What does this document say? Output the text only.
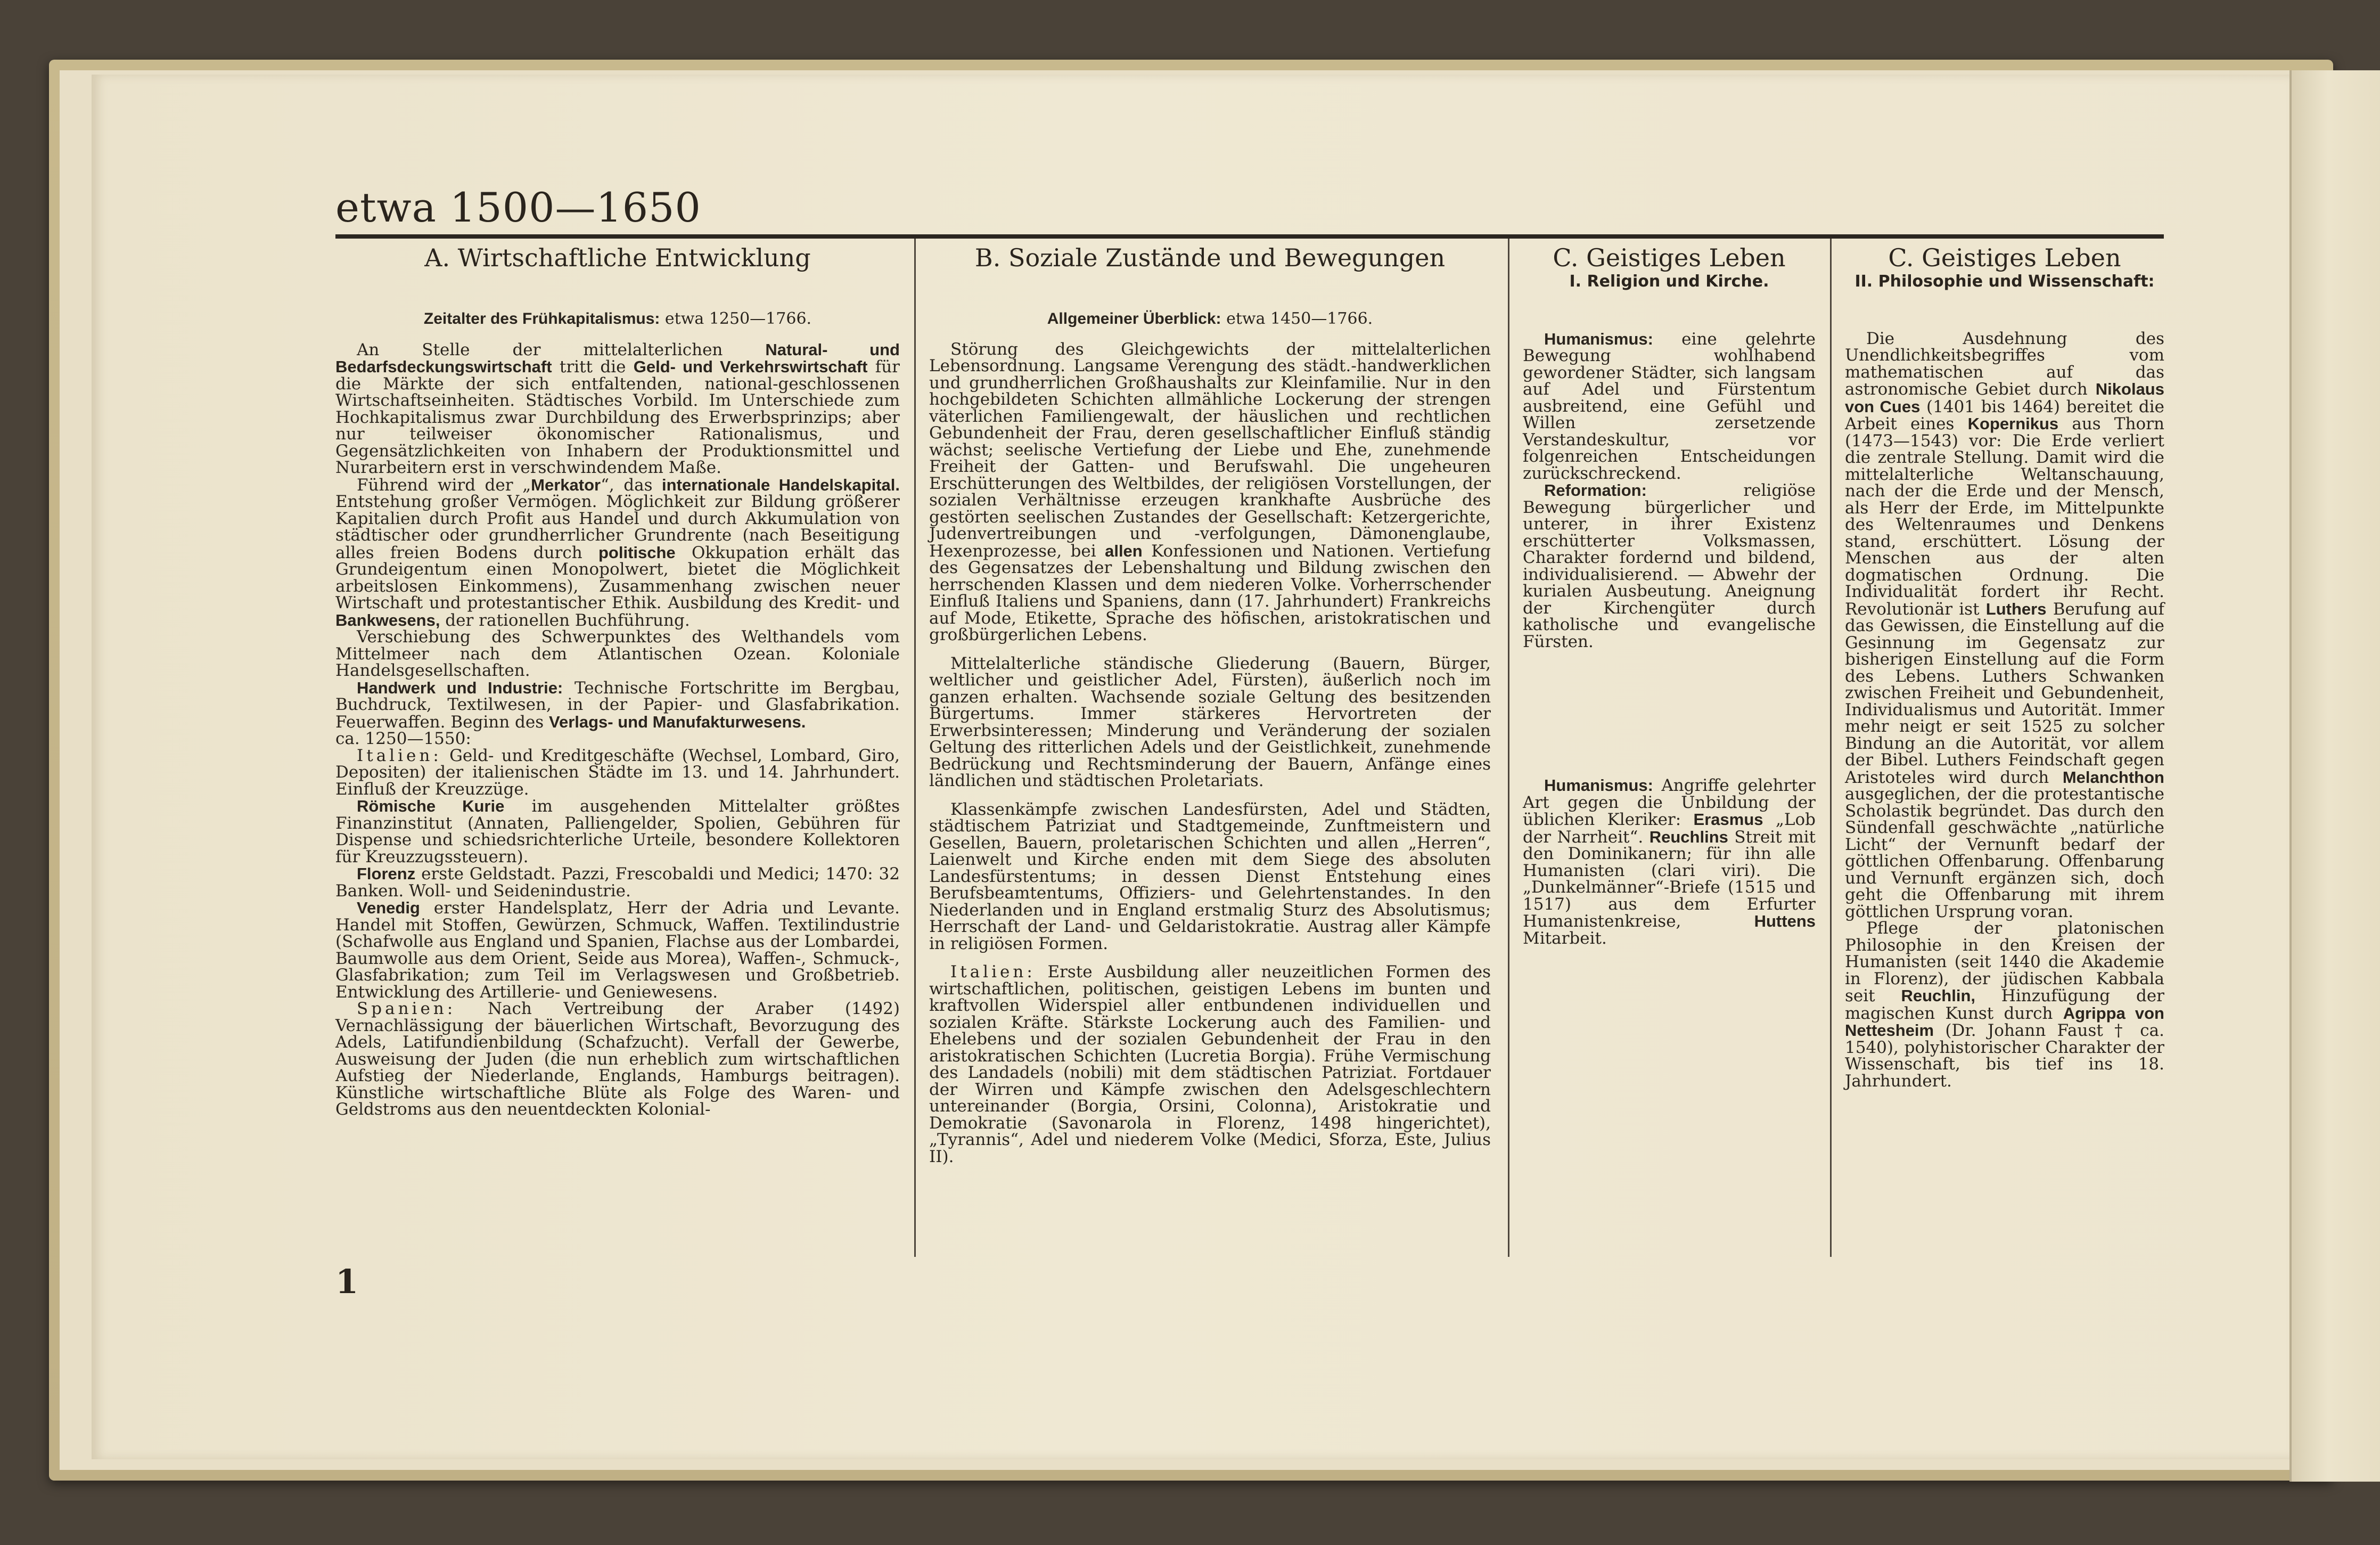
etwa 1500—1650
A. Wirtschaftliche Entwicklung
Zeitalter des Frühkapitalismus: etwa 1250—1766.

An Stelle der mittelalterlichen Natural- und Bedarfsdeckungswirtschaft tritt die Geld- und Verkehrswirtschaft für die Märkte der sich entfaltenden, national-geschlossenen Wirtschaftseinheiten. Städtisches Vorbild. Im Unterschiede zum Hochkapitalismus zwar Durchbildung des Erwerbsprinzips; aber nur teilweiser ökonomischer Rationalismus, und Gegensätzlichkeiten von Inhabern der Produktionsmittel und Nurarbeitern erst in verschwindendem Maße.

Führend wird der „Merkator“, das internationale Handelskapital. Entstehung großer Vermögen. Möglichkeit zur Bildung größerer Kapitalien durch Profit aus Handel und durch Akkumulation von städtischer oder grundherrlicher Grundrente (nach Beseitigung alles freien Bodens durch politische Okkupation erhält das Grundeigentum einen Monopolwert, bietet die Möglichkeit arbeitslosen Einkommens), Zusammenhang zwischen neuer Wirtschaft und protestantischer Ethik. Ausbildung des Kredit- und Bankwesens, der rationellen Buchführung.

Verschiebung des Schwerpunktes des Welthandels vom Mittelmeer nach dem Atlantischen Ozean. Koloniale Handelsgesellschaften.

Handwerk und Industrie: Technische Fortschritte im Bergbau, Buchdruck, Textilwesen, in der Papier- und Glasfabrikation. Feuerwaffen. Beginn des Verlags- und Manufakturwesens.

ca. 1250—1550:

Italien: Geld- und Kreditgeschäfte (Wechsel, Lombard, Giro, Depositen) der italienischen Städte im 13. und 14. Jahrhundert. Einfluß der Kreuzzüge.

Römische Kurie im ausgehenden Mittelalter größtes Finanzinstitut (Annaten, Palliengelder, Spolien, Gebühren für Dispense und schiedsrichterliche Urteile, besondere Kollektoren für Kreuzzugssteuern).

Florenz erste Geldstadt. Pazzi, Frescobaldi und Medici; 1470: 32 Banken. Woll- und Seidenindustrie.

Venedig erster Handelsplatz, Herr der Adria und Levante. Handel mit Stoffen, Gewürzen, Schmuck, Waffen. Textilindustrie (Schafwolle aus England und Spanien, Flachse aus der Lombardei, Baumwolle aus dem Orient, Seide aus Morea), Waffen-, Schmuck-, Glasfabrikation; zum Teil im Verlagswesen und Großbetrieb. Entwicklung des Artillerie- und Geniewesens.

Spanien: Nach Vertreibung der Araber (1492) Vernachlässigung der bäuerlichen Wirtschaft, Bevorzugung des Adels, Latifundienbildung (Schafzucht). Verfall der Gewerbe, Ausweisung der Juden (die nun erheblich zum wirtschaftlichen Aufstieg der Niederlande, Englands, Hamburgs beitragen). Künstliche wirtschaftliche Blüte als Folge des Waren- und Geldstroms aus den neuentdeckten Kolonial-

B. Soziale Zustände und Bewegungen
Allgemeiner Überblick: etwa 1450—1766.

Störung des Gleichgewichts der mittelalterlichen Lebensordnung. Langsame Verengung des städt.-handwerklichen und grundherrlichen Großhaushalts zur Kleinfamilie. Nur in den hochgebildeten Schichten allmähliche Lockerung der strengen väterlichen Familiengewalt, der häuslichen und rechtlichen Gebundenheit der Frau, deren gesellschaftlicher Einfluß ständig wächst; seelische Vertiefung der Liebe und Ehe, zunehmende Freiheit der Gatten- und Berufswahl. Die ungeheuren Erschütterungen des Weltbildes, der religiösen Vorstellungen, der sozialen Verhältnisse erzeugen krankhafte Ausbrüche des gestörten seelischen Zustandes der Gesellschaft: Ketzergerichte, Judenvertreibungen und -verfolgungen, Dämonenglaube, Hexenprozesse, bei allen Konfessionen und Nationen. Vertiefung des Gegensatzes der Lebenshaltung und Bildung zwischen den herrschenden Klassen und dem niederen Volke. Vorherrschender Einfluß Italiens und Spaniens, dann (17. Jahrhundert) Frankreichs auf Mode, Etikette, Sprache des höfischen, aristokratischen und großbürgerlichen Lebens.

Mittelalterliche ständische Gliederung (Bauern, Bürger, weltlicher und geistlicher Adel, Fürsten), äußerlich noch im ganzen erhalten. Wachsende soziale Geltung des besitzenden Bürgertums. Immer stärkeres Hervortreten der Erwerbsinteressen; Minderung und Veränderung der sozialen Geltung des ritterlichen Adels und der Geistlichkeit, zunehmende Bedrückung und Rechtsminderung der Bauern, Anfänge eines ländlichen und städtischen Proletariats.

Klassenkämpfe zwischen Landesfürsten, Adel und Städten, städtischem Patriziat und Stadtgemeinde, Zunftmeistern und Gesellen, Bauern, proletarischen Schichten und allen „Herren“, Laienwelt und Kirche enden mit dem Siege des absoluten Landesfürstentums; in dessen Dienst Entstehung eines Berufsbeamtentums, Offiziers- und Gelehrtenstandes. In den Niederlanden und in England erstmalig Sturz des Absolutismus; Herrschaft der Land- und Geldaristokratie. Austrag aller Kämpfe in religiösen Formen.

Italien: Erste Ausbildung aller neuzeitlichen Formen des wirtschaftlichen, politischen, geistigen Lebens im bunten und kraftvollen Widerspiel aller entbundenen individuellen und sozialen Kräfte. Stärkste Lockerung auch des Familien- und Ehelebens und der sozialen Gebundenheit der Frau in den aristokratischen Schichten (Lucretia Borgia). Frühe Vermischung des Landadels (nobili) mit dem städtischen Patriziat. Fortdauer der Wirren und Kämpfe zwischen den Adelsgeschlechtern untereinander (Borgia, Orsini, Colonna), Aristokratie und Demokratie (Savonarola in Florenz, 1498 hingerichtet), „Tyrannis“, Adel und niederem Volke (Medici, Sforza, Este, Julius II).

C. Geistiges Leben
I. Religion und Kirche.

Humanismus: eine gelehrte Bewegung wohlhabend gewordener Städter, sich langsam auf Adel und Fürstentum ausbreitend, eine Gefühl und Willen zersetzende Verstandeskultur, vor folgenreichen Entscheidungen zurückschreckend.

Reformation: religiöse Bewegung bürgerlicher und unterer, in ihrer Existenz erschütterter Volksmassen, Charakter fordernd und bildend, individualisierend. — Abwehr der kurialen Ausbeutung. Aneignung der Kirchengüter durch katholische und evangelische Fürsten.

Humanismus: Angriffe gelehrter Art gegen die Unbildung der üblichen Kleriker: Erasmus „Lob der Narrheit“. Reuchlins Streit mit den Dominikanern; für ihn alle Humanisten (clari viri). Die „Dunkelmänner“-Briefe (1515 und 1517) aus dem Erfurter Humanistenkreise, Huttens Mitarbeit.

C. Geistiges Leben
II. Philosophie und Wissenschaft:

Die Ausdehnung des Unendlichkeitsbegriffes vom mathematischen auf das astronomische Gebiet durch Nikolaus von Cues (1401 bis 1464) bereitet die Arbeit eines Kopernikus aus Thorn (1473—1543) vor: Die Erde verliert die zentrale Stellung. Damit wird die mittelalterliche Weltanschauung, nach der die Erde und der Mensch, als Herr der Erde, im Mittelpunkte des Weltenraumes und Denkens stand, erschüttert. Lösung der Menschen aus der alten dogmatischen Ordnung. Die Individualität fordert ihr Recht. Revolutionär ist Luthers Berufung auf das Gewissen, die Einstellung auf die Gesinnung im Gegensatz zur bisherigen Einstellung auf die Form des Lebens. Luthers Schwanken zwischen Freiheit und Gebundenheit, Individualismus und Autorität. Immer mehr neigt er seit 1525 zu solcher Bindung an die Autorität, vor allem der Bibel. Luthers Feindschaft gegen Aristoteles wird durch Melanchthon ausgeglichen, der die protestantische Scholastik begründet. Das durch den Sündenfall geschwächte „natürliche Licht“ der Vernunft bedarf der göttlichen Offenbarung. Offenbarung und Vernunft ergänzen sich, doch geht die Offenbarung mit ihrem göttlichen Ursprung voran.

Pflege der platonischen Philosophie in den Kreisen der Humanisten (seit 1440 die Akademie in Florenz), der jüdischen Kabbala seit Reuchlin, Hinzufügung der magischen Kunst durch Agrippa von Nettesheim (Dr. Johann Faust † ca. 1540), polyhistorischer Charakter der Wissenschaft, bis tief ins 18. Jahrhundert.

1
